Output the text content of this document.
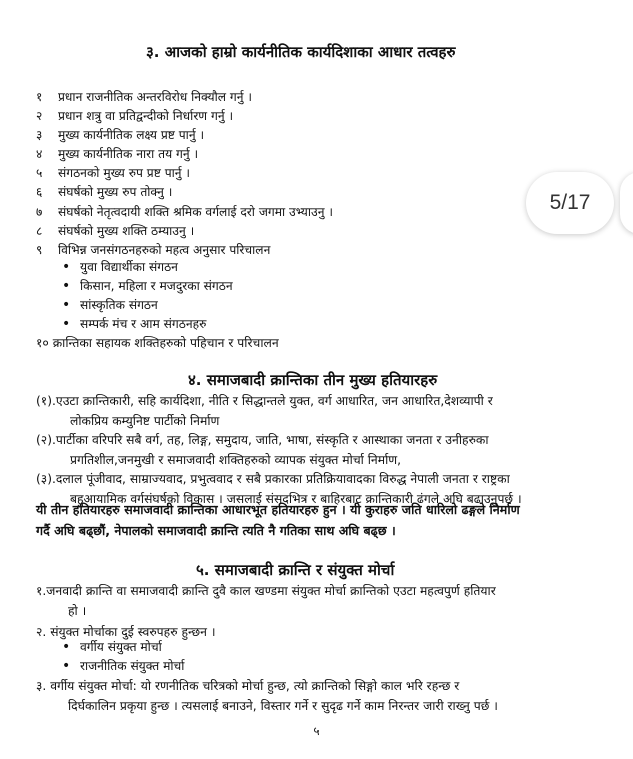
३. आजको हाम्रो कार्यनीतिक कार्यदिशाका आधार तत्वहरु
१ प्रधान राजनीतिक अन्तरविरोध निक्यौल गर्नु ।
२ प्रधान शत्रु वा प्रतिद्वन्दीको निर्धारण गर्नु ।
३ मुख्य कार्यनीतिक लक्ष्य प्रष्ट पार्नु ।
४ मुख्य कार्यनीतिक नारा तय गर्नु ।
५ संगठनको मुख्य रुप प्रष्ट पार्नु ।
६ संघर्षको मुख्य रुप तोक्नु ।
७ संघर्षको नेतृत्वदायी शक्ति श्रमिक वर्गलाई दरो जगमा उभ्याउनु ।
८ संघर्षको मुख्य शक्ति ठम्याउनु ।
९ विभिन्न जनसंगठनहरुको महत्व अनुसार परिचालन
• युवा विद्यार्थीका संगठन
• किसान, महिला र मजदुरका संगठन
• सांस्कृतिक संगठन
• सम्पर्क मंच र आम संगठनहरु
१० क्रान्तिका सहायक शक्तिहरुको पहिचान र परिचालन
४. समाजबादी क्रान्तिका तीन मुख्य हतियारहरु
(१).एउटा क्रान्तिकारी, सहि कार्यदिशा, नीति र सिद्धान्तले युक्त, वर्ग आधारित, जन आधारित,देशव्यापी र
लोकप्रिय कम्युनिष्ट पार्टीको निर्माण
(२).पार्टीका वरिपरि सबै वर्ग, तह, लिङ्ग, समुदाय, जाति, भाषा, संस्कृति र आस्थाका जनता र उनीहरुका
प्रगतिशील,जनमुखी र समाजवादी शक्तिहरुको व्यापक संयुक्त मोर्चा निर्माण,
(३).दलाल पूंजीवाद, साम्राज्यवाद, प्रभुत्ववाद र सबै प्रकारका प्रतिक्रियावादका विरुद्ध नेपाली जनता र राष्ट्रका
बहुआयामिक वर्गसंघर्षको विकास । जसलाई संसदभित्र र बाहिरबाट क्रान्तिकारी ढंगले अघि बढाउनुपर्छ ।
यी तीन हतियारहरु समाजवादी क्रान्तिका आधारभूत हतियारहरु हुन । यी कुराहरु जति धारिलो ढङ्गले निर्माण
गर्दै अघि बढ्छौं, नेपालको समाजवादी क्रान्ति त्यति नै गतिका साथ अघि बढ्छ ।
५. समाजबादी क्रान्ति र संयुक्त मोर्चा
१.जनवादी क्रान्ति वा समाजवादी क्रान्ति दुवै काल खण्डमा संयुक्त मोर्चा क्रान्तिको एउटा महत्वपुर्ण हतियार
हो ।
२. संयुक्त मोर्चाका दुई स्वरुपहरु हुन्छन ।
• वर्गीय संयुक्त मोर्चा
• राजनीतिक संयुक्त मोर्चा
३. वर्गीय संयुक्त मोर्चा: यो रणनीतिक चरित्रको मोर्चा हुन्छ, त्यो क्रान्तिको सिङ्गो काल भरि रहन्छ र
दिर्घकालिन प्रकृया हुन्छ । त्यसलाई बनाउने, विस्तार गर्ने र सुदृढ गर्ने काम निरन्तर जारी राख्नु पर्छ ।
५
5/17
